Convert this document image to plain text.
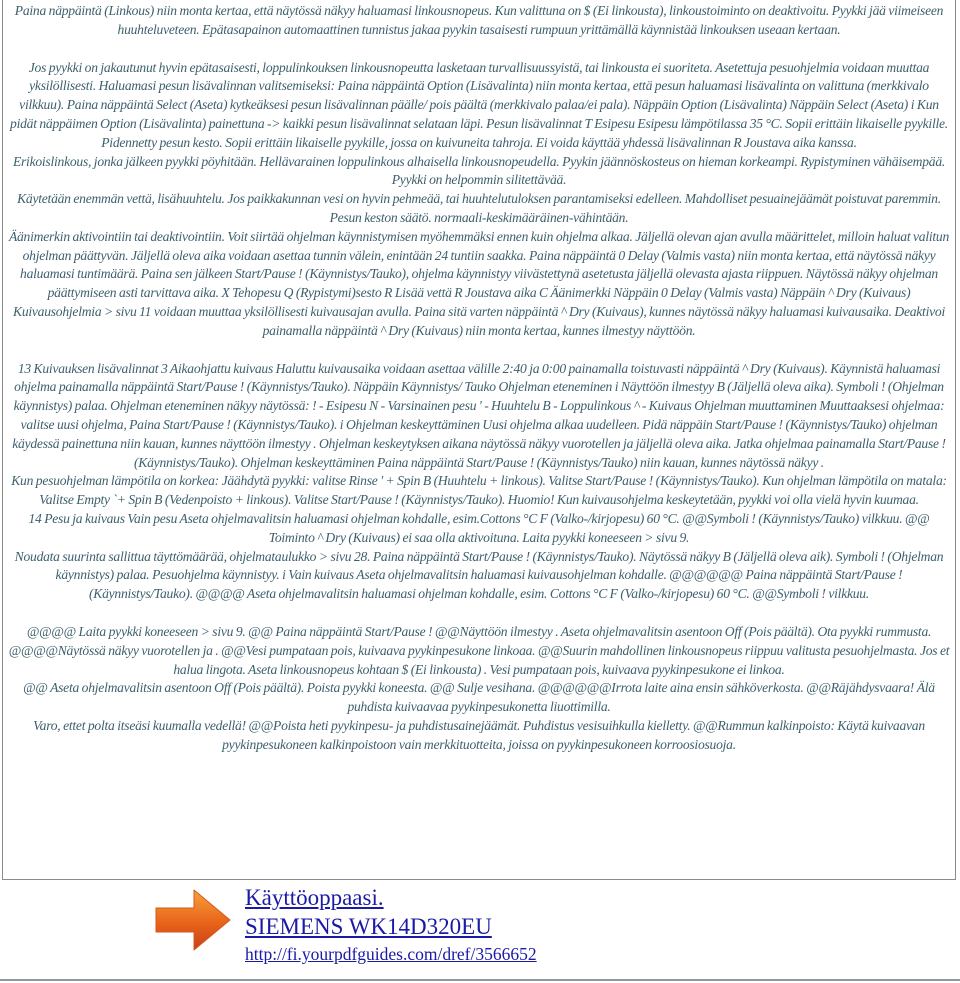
Paina näppäintä (Linkous) niin monta kertaa, että näytössä näkyy haluamasi linkousnopeus. Kun valittuna on $ (Ei linkousta), linkoustoiminto on deaktivoitu. Pyykki jää viimeiseen huuhteluveteen. Epätasapainon automaattinen tunnistus jakaa pyykin tasaisesti rumpuun yrittämällä käynnistää linkouksen useaan kertaan.

Jos pyykki on jakautunut hyvin epätasaisesti, loppulinkouksen linkousnopeutta lasketaan turvallisuussyistä, tai linkousta ei suoriteta. Asetettuja pesuohjelmia voidaan muuttaa yksilöllisesti. Haluamasi pesun lisävalinnan valitsemiseksi: Paina näppäintä Option (Lisävalinta) niin monta kertaa, että pesun haluamasi lisävalinta on valittuna (merkkivalo vilkkuu). Paina näppäintä Select (Aseta) kytkeäksesi pesun lisävalinnan päälle/ pois päältä (merkkivalo palaa/ei pala). Näppäin Option (Lisävalinta) Näppäin Select (Aseta) i Kun pidät näppäimen Option (Lisävalinta) painettuna -> kaikki pesun lisävalinnat selataan läpi. Pesun lisävalinnat T Esipesu Esipesu lämpötilassa 35 °C. Sopii erittäin likaiselle pyykille. Pidennetty pesun kesto. Sopii erittäin likaiselle pyykille, jossa on kuivuneita tahroja. Ei voida käyttää yhdessä lisävalinnan R Joustava aika kanssa.

Erikoislinkous, jonka jälkeen pyykki pöyhitään. Hellävarainen loppulinkous alhaisella linkousnopeudella. Pyykin jäännöskosteus on hieman korkeampi. Rypistyminen vähäisempää. Pyykki on helpommin silitettävää.

Käytetään enemmän vettä, lisähuuhtelu. Jos paikkakunnan vesi on hyvin pehmeää, tai huuhtelutuloksen parantamiseksi edelleen. Mahdolliset pesuainejäämät poistuvat paremmin. Pesun keston säätö. normaali-keskimääräinen-vähintään.

Äänimerkin aktivointiin tai deaktivointiin. Voit siirtää ohjelman käynnistymisen myöhemmäksi ennen kuin ohjelma alkaa. Jäljellä olevan ajan avulla määrittelet, milloin haluat valitun ohjelman päättyvän. Jäljellä oleva aika voidaan asettaa tunnin välein, enintään 24 tuntiin saakka. Paina näppäintä 0 Delay (Valmis vasta) niin monta kertaa, että näytössä näkyy haluamasi tuntimäärä. Paina sen jälkeen Start/Pause ! (Käynnistys/Tauko), ohjelma käynnistyy viivästettynä asetetusta jäljellä olevasta ajasta riippuen. Näytössä näkyy ohjelman päättymiseen asti tarvittava aika. X Tehopesu Q (Rypistymi)sesto R Lisää vettä R Joustava aika C Äänimerkki Näppäin 0 Delay (Valmis vasta) Näppäin ^ Dry (Kuivaus) Kuivausohjelmia > sivu 11 voidaan muuttaa yksilöllisesti kuivausajan avulla. Paina sitä varten näppäintä ^ Dry (Kuivaus), kunnes näytössä näkyy haluamasi kuivausaika. Deaktivoi painamalla näppäintä ^ Dry (Kuivaus) niin monta kertaa, kunnes ilmestyy näyttöön.

13 Kuivauksen lisävalinnat 3 Aikaohjattu kuivaus Haluttu kuivausaika voidaan asettaa välille 2:40 ja 0:00 painamalla toistuvasti näppäintä ^ Dry (Kuivaus). Käynnistä haluamasi ohjelma painamalla näppäintä Start/Pause ! (Käynnistys/Tauko). Näppäin Käynnistys/ Tauko Ohjelman eteneminen i Näyttöön ilmestyy B (Jäljellä oleva aika). Symboli ! (Ohjelman käynnistys) palaa. Ohjelman eteneminen näkyy näytössä: ! - Esipesu N - Varsinainen pesu ' - Huuhtelu B - Loppulinkous ^ - Kuivaus Ohjelman muuttaminen Muuttaaksesi ohjelmaa: valitse uusi ohjelma, Paina Start/Pause ! (Käynnistys/Tauko). i Ohjelman keskeyttäminen Uusi ohjelma alkaa uudelleen. Pidä näppäin Start/Pause ! (Käynnistys/Tauko) ohjelman käydessä painettuna niin kauan, kunnes näyttöön ilmestyy . Ohjelman keskeytyksen aikana näytössä näkyy vuorotellen ja jäljellä oleva aika. Jatka ohjelmaa painamalla Start/Pause ! (Käynnistys/Tauko). Ohjelman keskeyttäminen Paina näppäintä Start/Pause ! (Käynnistys/Tauko) niin kauan, kunnes näytössä näkyy .

Kun pesuohjelman lämpötila on korkea: Jäähdytä pyykki: valitse Rinse ' + Spin B (Huuhtelu + linkous). Valitse Start/Pause ! (Käynnistys/Tauko). Kun ohjelman lämpötila on matala: Valitse Empty `+ Spin B (Vedenpoisto + linkous). Valitse Start/Pause ! (Käynnistys/Tauko). Huomio! Kun kuivausohjelma keskeytetään, pyykki voi olla vielä hyvin kuumaa.

14 Pesu ja kuivaus Vain pesu Aseta ohjelmavalitsin haluamasi ohjelman kohdalle, esim.Cottons °C F (Valko-/kirjopesu) 60 °C. @@Symboli ! (Käynnistys/Tauko) vilkkuu. @@ Toiminto ^ Dry (Kuivaus) ei saa olla aktivoituna. Laita pyykki koneeseen > sivu 9.

Noudata suurinta sallittua täyttömäärää, ohjelmataulukko > sivu 28. Paina näppäintä Start/Pause ! (Käynnistys/Tauko). Näytössä näkyy B (Jäljellä oleva aik). Symboli ! (Ohjelman käynnistys) palaa. Pesuohjelma käynnistyy. i Vain kuivaus Aseta ohjelmavalitsin haluamasi kuivausohjelman kohdalle. @@@@@@ Paina näppäintä Start/Pause ! (Käynnistys/Tauko). @@@@ Aseta ohjelmavalitsin haluamasi ohjelman kohdalle, esim. Cottons °C F (Valko-/kirjopesu) 60 °C. @@Symboli ! vilkkuu.

@@@@ Laita pyykki koneeseen > sivu 9. @@ Paina näppäintä Start/Pause ! @@Näyttöön ilmestyy . Aseta ohjelmavalitsin asentoon Off (Pois päältä). Ota pyykki rummusta. @@@@Näytössä näkyy vuorotellen ja . @@Vesi pumpataan pois, kuivaava pyykinpesukone linkoaa. @@Suurin mahdollinen linkousnopeus riippuu valitusta pesuohjelmasta. Jos et halua lingota. Aseta linkousnopeus kohtaan $ (Ei linkousta) . Vesi pumpataan pois, kuivaava pyykinpesukone ei linkoa.

@@ Aseta ohjelmavalitsin asentoon Off (Pois päältä). Poista pyykki koneesta. @@ Sulje vesihana. @@@@@@Irrota laite aina ensin sähköverkosta. @@Räjähdysvaara! Älä puhdista kuivaavaa pyykinpesukonetta liuottimilla.

Varo, ettet polta itseäsi kuumalla vedellä! @@Poista heti pyykinpesu- ja puhdistusainejäämät. Puhdistus vesisuihkulla kielletty. @@Rummun kalkinpoisto: Käytä kuivaavan pyykinpesukoneen kalkinpoistoon vain merkkituotteita, joissa on pyykinpesukoneen korroosiosuoja.

Käyttöoppaasi.
SIEMENS WK14D320EU
http://fi.yourpdfguides.com/dref/3566652
